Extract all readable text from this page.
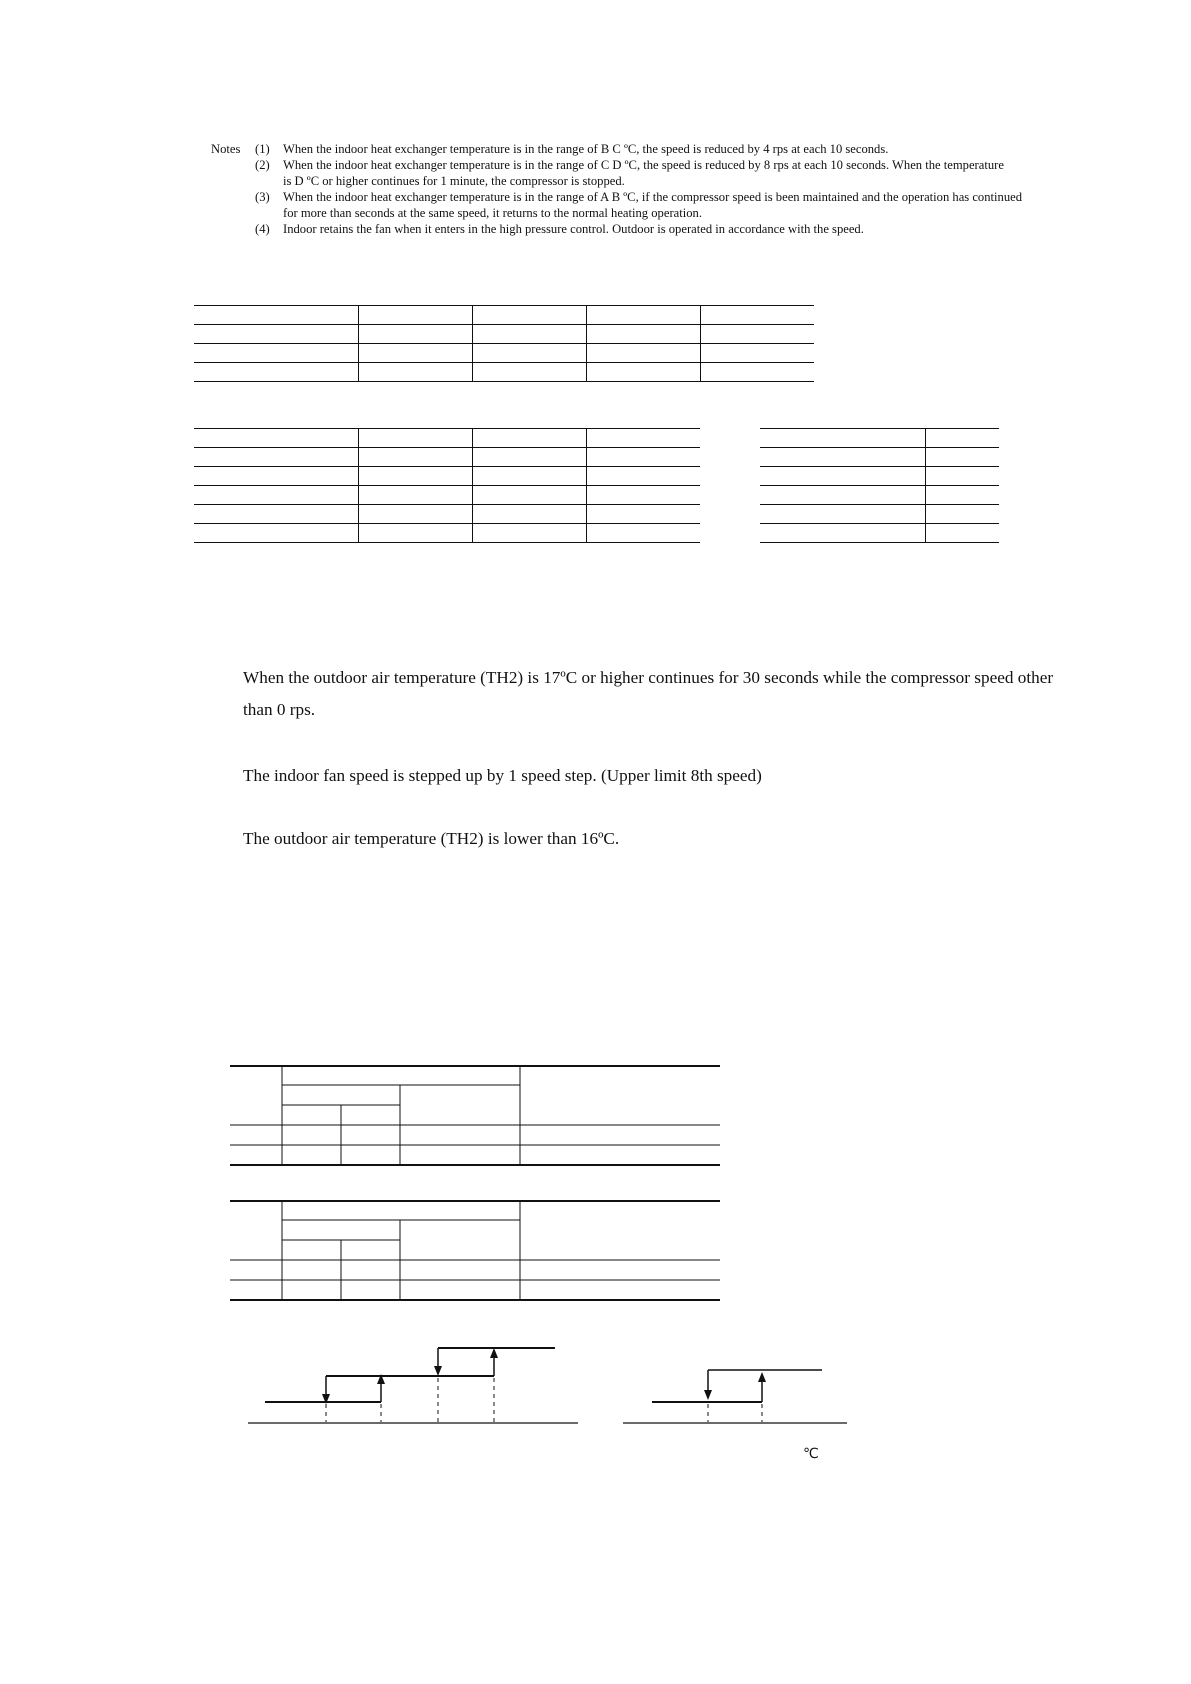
Notes (1) When the indoor heat exchanger temperature is in the range of B C ºC, the speed is reduced by 4 rps at each 10 seconds.
(2) When the indoor heat exchanger temperature is in the range of C D ºC, the speed is reduced by 8 rps at each 10 seconds. When the temperature
is D ºC or higher continues for 1 minute, the compressor is stopped.
(3) When the indoor heat exchanger temperature is in the range of A B ºC, if the compressor speed is been maintained and the operation has continued
for more than seconds at the same speed, it returns to the normal heating operation.
(4) Indoor retains the fan when it enters in the high pressure control. Outdoor is operated in accordance with the speed.

When the outdoor air temperature (TH2) is 17ºC or higher continues for 30 seconds while the compressor speed other
than 0 rps.
The indoor fan speed is stepped up by 1 speed step. (Upper limit 8th speed)
The outdoor air temperature (TH2) is lower than 16ºC.
℃
